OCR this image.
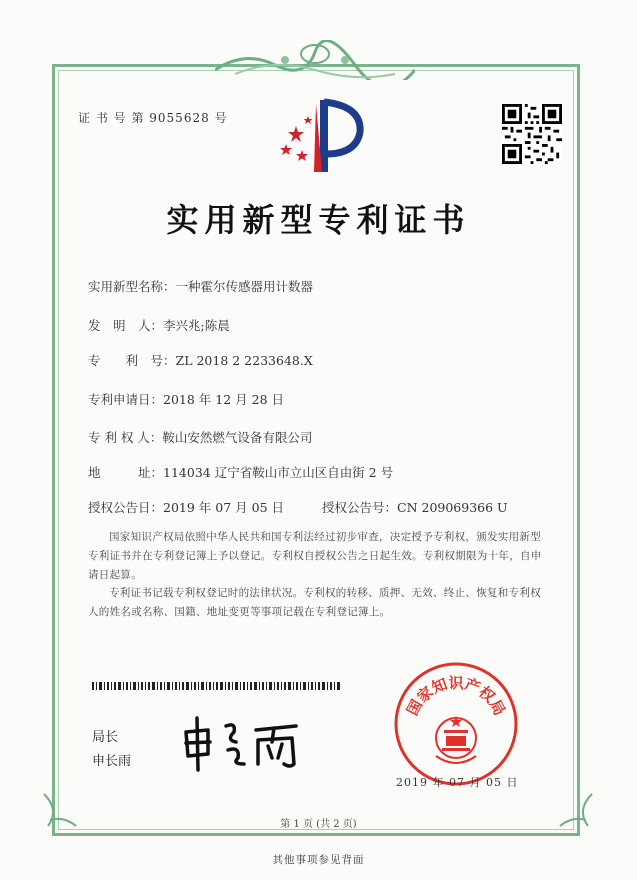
证 书 号 第 9055628 号
实用新型专利证书
实用新型名称：一种霍尔传感器用计数器
发　明　人：李兴兆;陈晨
专　　利　号：ZL 2018 2 2233648.X
专利申请日：2018 年 12 月 28 日
专 利 权 人：鞍山安然燃气设备有限公司
地　　　址：114034 辽宁省鞍山市立山区自由街 2 号
授权公告日：2019 年 07 月 05 日	授权公告号：CN 209069366 U
国家知识产权局依照中华人民共和国专利法经过初步审查，决定授予专利权，颁发实用新型专利证书并在专利登记簿上予以登记。专利权自授权公告之日起生效。专利权期限为十年，自申请日起算。
专利证书记载专利权登记时的法律状况。专利权的转移、质押、无效、终止、恢复和专利权人的姓名或名称、国籍、地址变更等事项记载在专利登记簿上。
局长
申长雨
国家知识产权局
2019 年 07 月 05 日
第 1 页 (共 2 页)
其他事项参见背面
